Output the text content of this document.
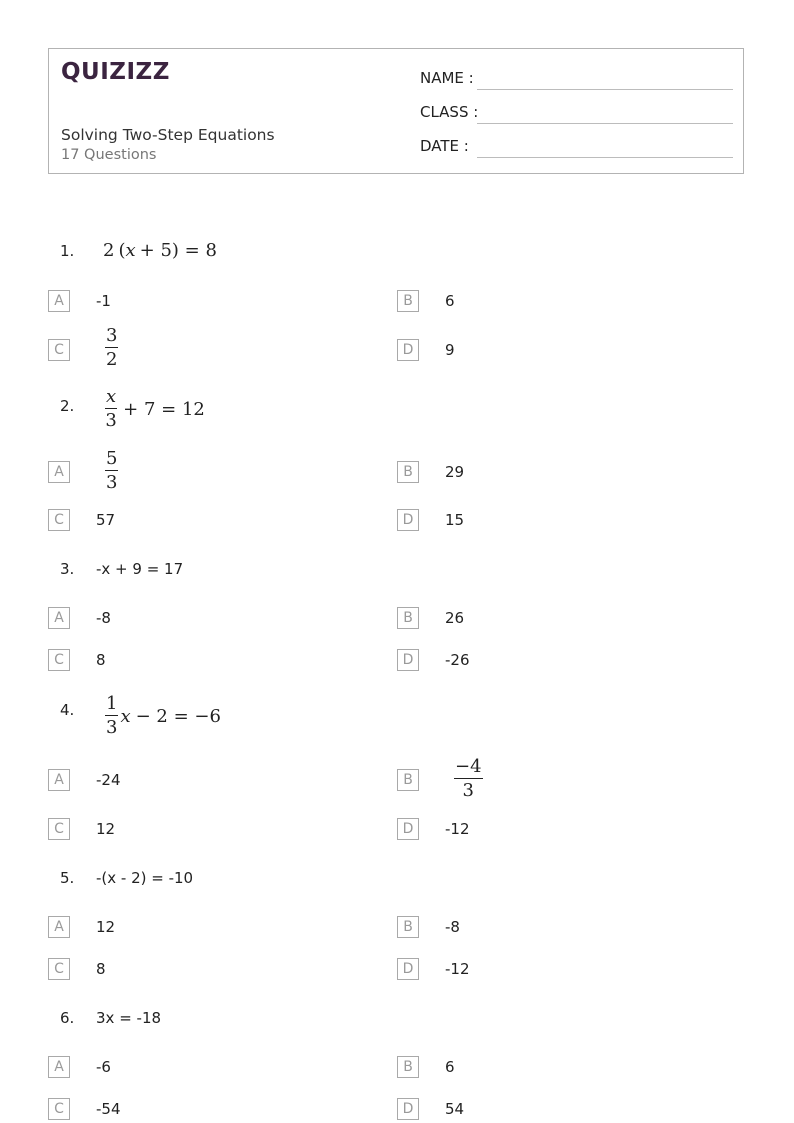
QUIZIZZ
Solving Two-Step Equations
17 Questions
NAME :
CLASS :
DATE :
1. 2 ( x + 5) = 8
A	-1	B	6
C	$\frac{3}{2}$	D	9
2. $\frac{x}{3} + 7 = 12$
A	$\frac{5}{3}$	B	29
C	57	D	15
3. -x + 9 = 17
A	-8	B	26
C	8	D	-26
4. $\frac{1}{3}$ x − 2 = −6
A	-24	B	$\frac{-4}{3}$
C	12	D	-12
5. -(x - 2) = -10
A	12	B	-8
C	8	D	-12
6. 3x = -18
A	-6	B	6
C	-54	D	54
